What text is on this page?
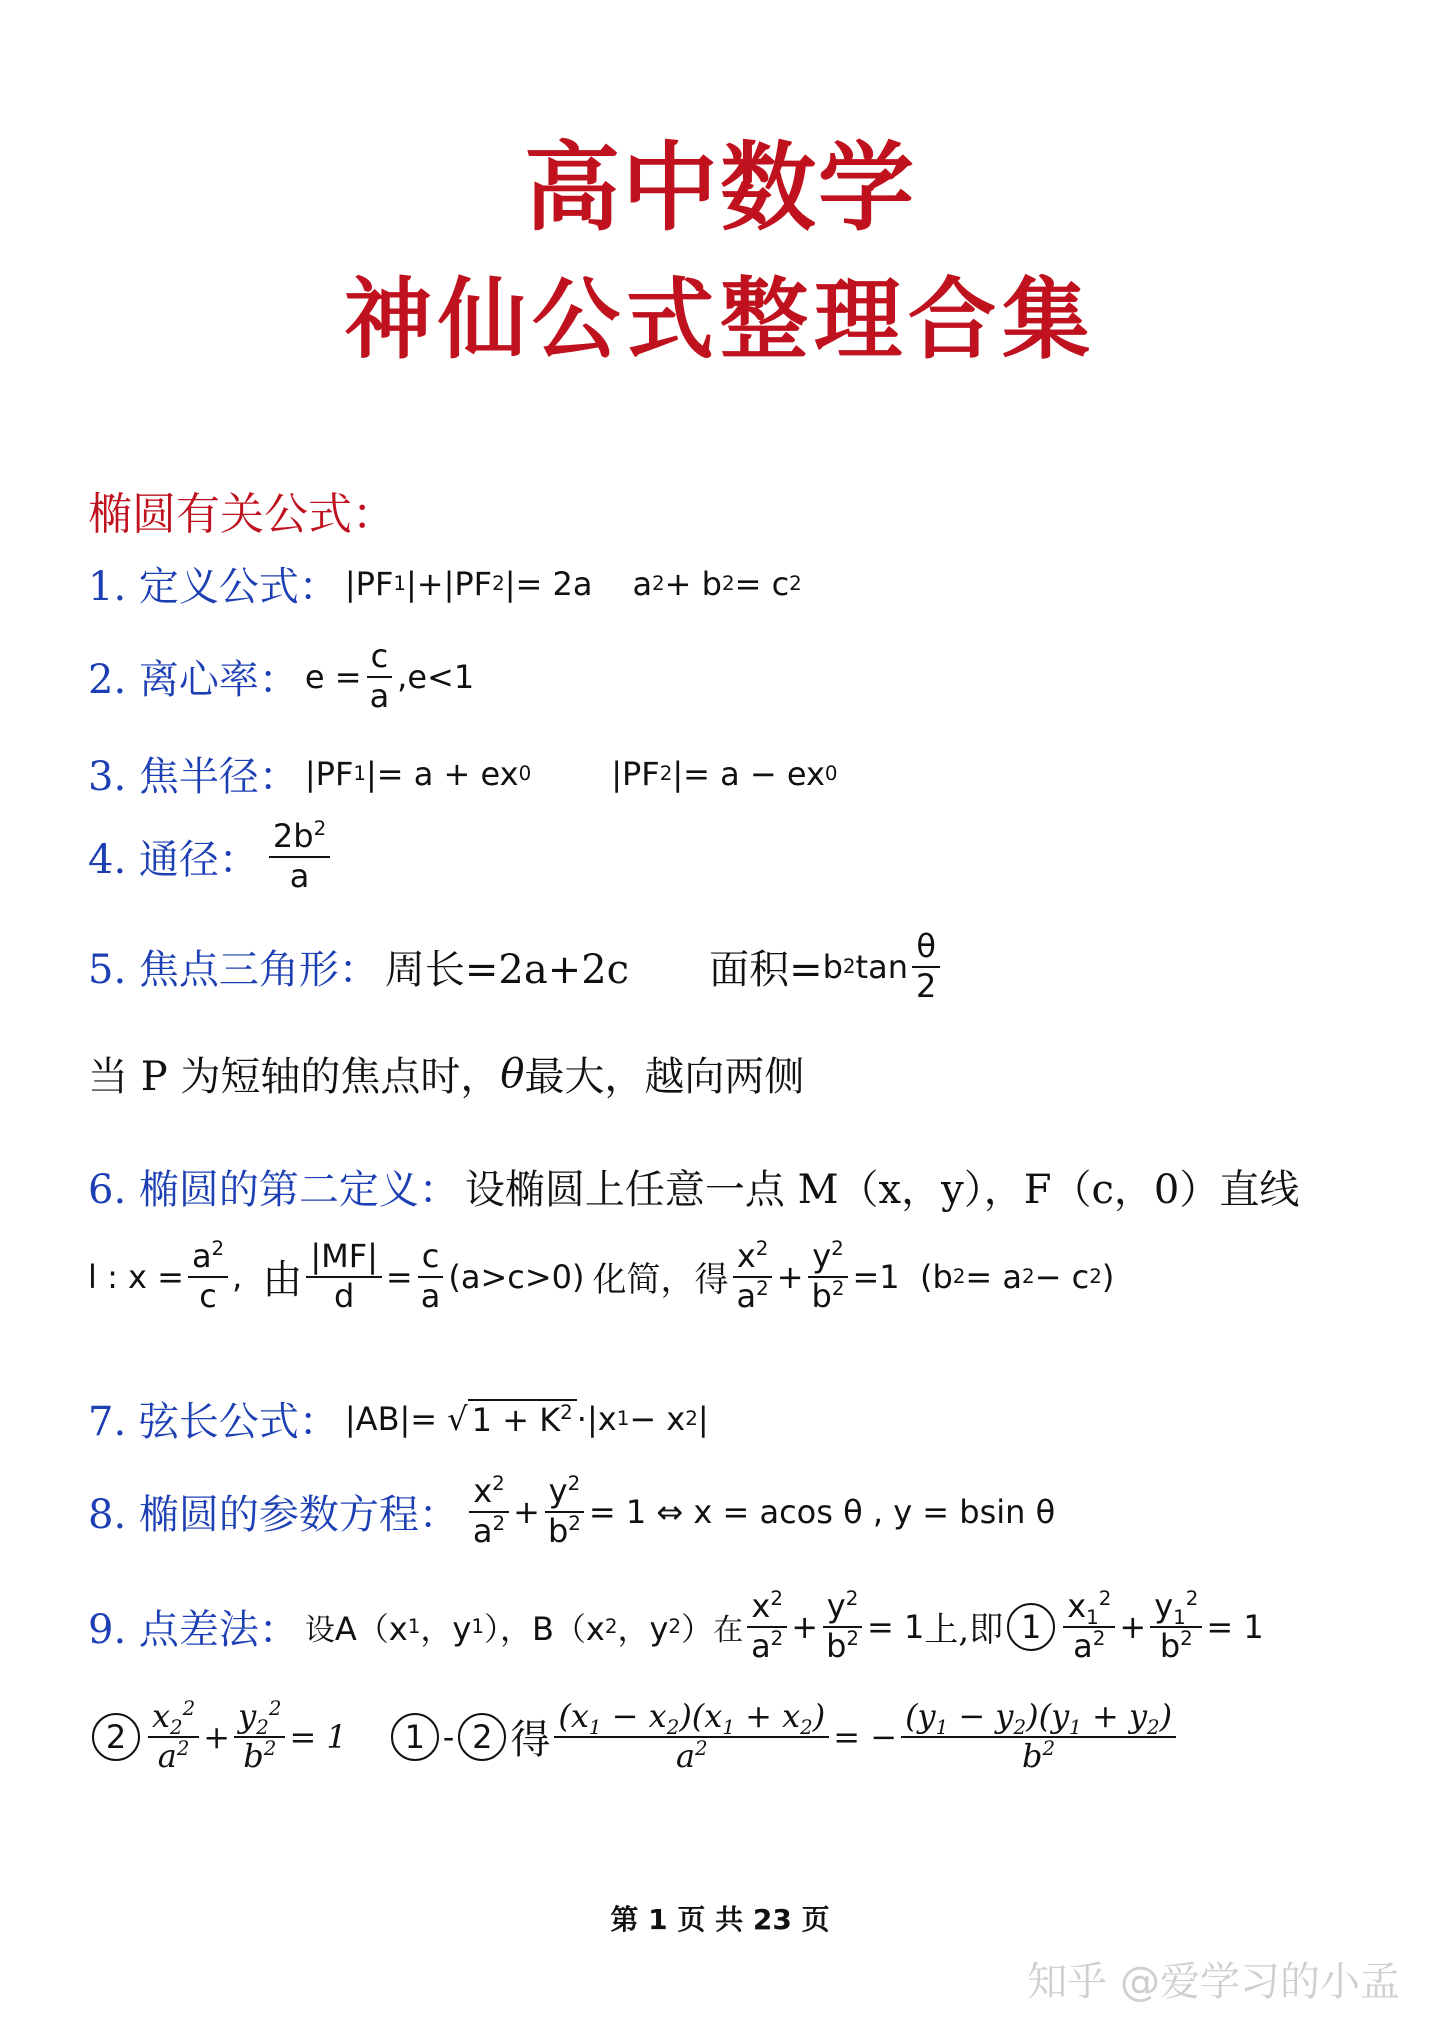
高中数学
神仙公式整理合集
椭圆有关公式：
1. 定义公式： |PF 1 |+|PF 2 |= 2a a 2 + b 2 = c 2
2. 离心率： $e = \frac{c}{a} ,e<1$
3. 焦半径： |PF 1 |= a + ex 0	|PF 2 |= a − ex 0
4. 通径： $\frac{2b^2}{a}$
5. 焦点三角形： 周长=2a+2c 面积= b 2 $\tan \frac{\theta}{2}$
当 P 为短轴的焦点时， θ 最大，越向两侧
6. 椭圆的第二定义： 设椭圆上任意一点 M（x，y），F（c，0）直线
l : $x = \frac{a^2}{c}$ , 由 $\frac{|MF|}{d} = \frac{c}{a} (a>c>0)$ 化简，得 $\frac{x^2}{a^2} + \frac{y^2}{b^2} =1$  (b 2 = a 2 − c 2 )
7. 弦长公式： |AB|= √ $1 + K^2 \cdot|x$ 1 − x 2 |
8. 椭圆的参数方程： $\frac{x^2}{a^2} + \frac{y^2}{b^2} = 1$ ⇔ x = acos θ , y = bsin θ
9. 点差法： 设 A（x 1 ，y 1 ），B（x 2 ，y 2 ） 在 $\frac{x^2}{a^2} + \frac{y^2}{b^2} = 1$ 上,即 $1 \frac{x_1^2}{a^2} + \frac{y_1^2}{b^2} = 1$
$2 \frac{x_2^2}{a^2} + \frac{y_2^2}{b^2} = 1$	1 - 2 得 $\frac{(x_1 - x_2)(x_1 + x_2)}{a^2}$ = − $\frac{(y_1 - y_2)(y_1 + y_2)}{b^2}$
第 1 页 共 23 页
知乎 @爱学习的小孟
